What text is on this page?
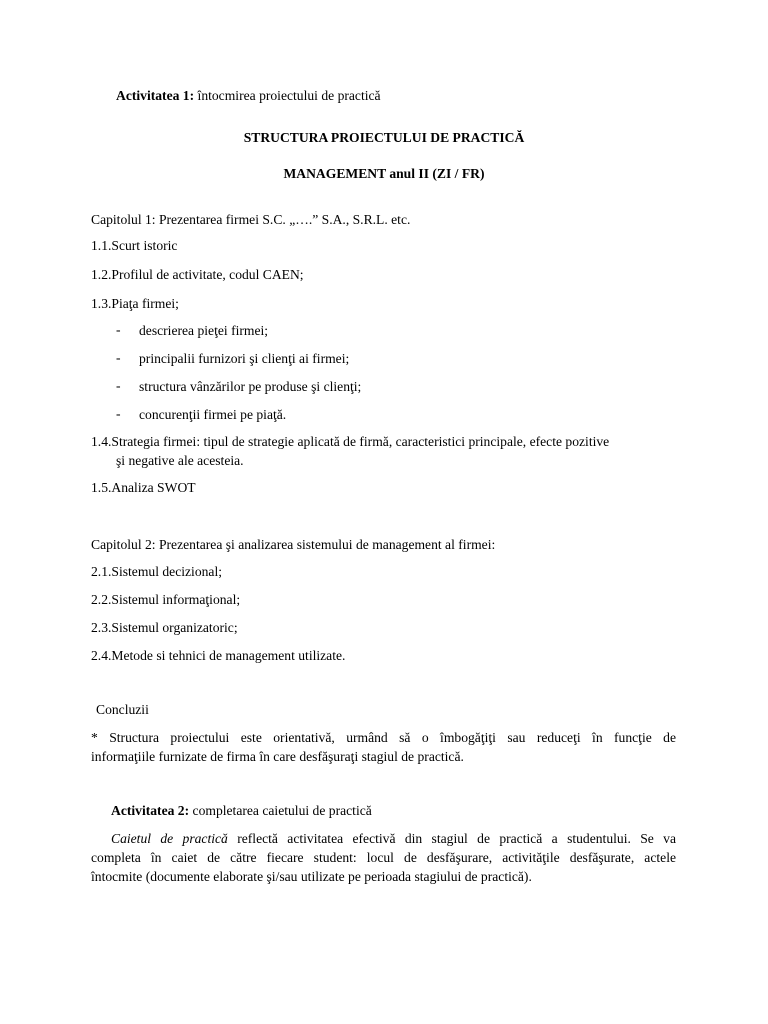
Activitatea 1: întocmirea proiectului de practică
STRUCTURA PROIECTULUI DE PRACTICĂ
MANAGEMENT anul II (ZI / FR)
Capitolul 1: Prezentarea firmei S.C. „….” S.A., S.R.L. etc.
1.1.Scurt istoric
1.2.Profilul de activitate, codul CAEN;
1.3.Piaţa firmei;
- descrierea pieţei firmei;
- principalii furnizori şi clienţi ai firmei;
- structura vânzărilor pe produse şi clienţi;
- concurenţii firmei pe piaţă.
1.4.Strategia firmei: tipul de strategie aplicată de firmă, caracteristici principale, efecte pozitive
şi negative ale acesteia.
1.5.Analiza SWOT
Capitolul 2: Prezentarea şi analizarea sistemului de management al firmei:
2.1.Sistemul decizional;
2.2.Sistemul informaţional;
2.3.Sistemul organizatoric;
2.4.Metode si tehnici de management utilizate.
Concluzii
* Structura proiectului este orientativă, urmând să o îmbogăţiţi sau reduceţi în funcţie de
informaţiile furnizate de firma în care desfăşuraţi stagiul de practică.
Activitatea 2: completarea caietului de practică
Caietul de practică reflectă activitatea efectivă din stagiul de practică a studentului. Se va
completa în caiet de către fiecare student: locul de desfăşurare, activităţile desfăşurate, actele
întocmite (documente elaborate şi/sau utilizate pe perioada stagiului de practică).
